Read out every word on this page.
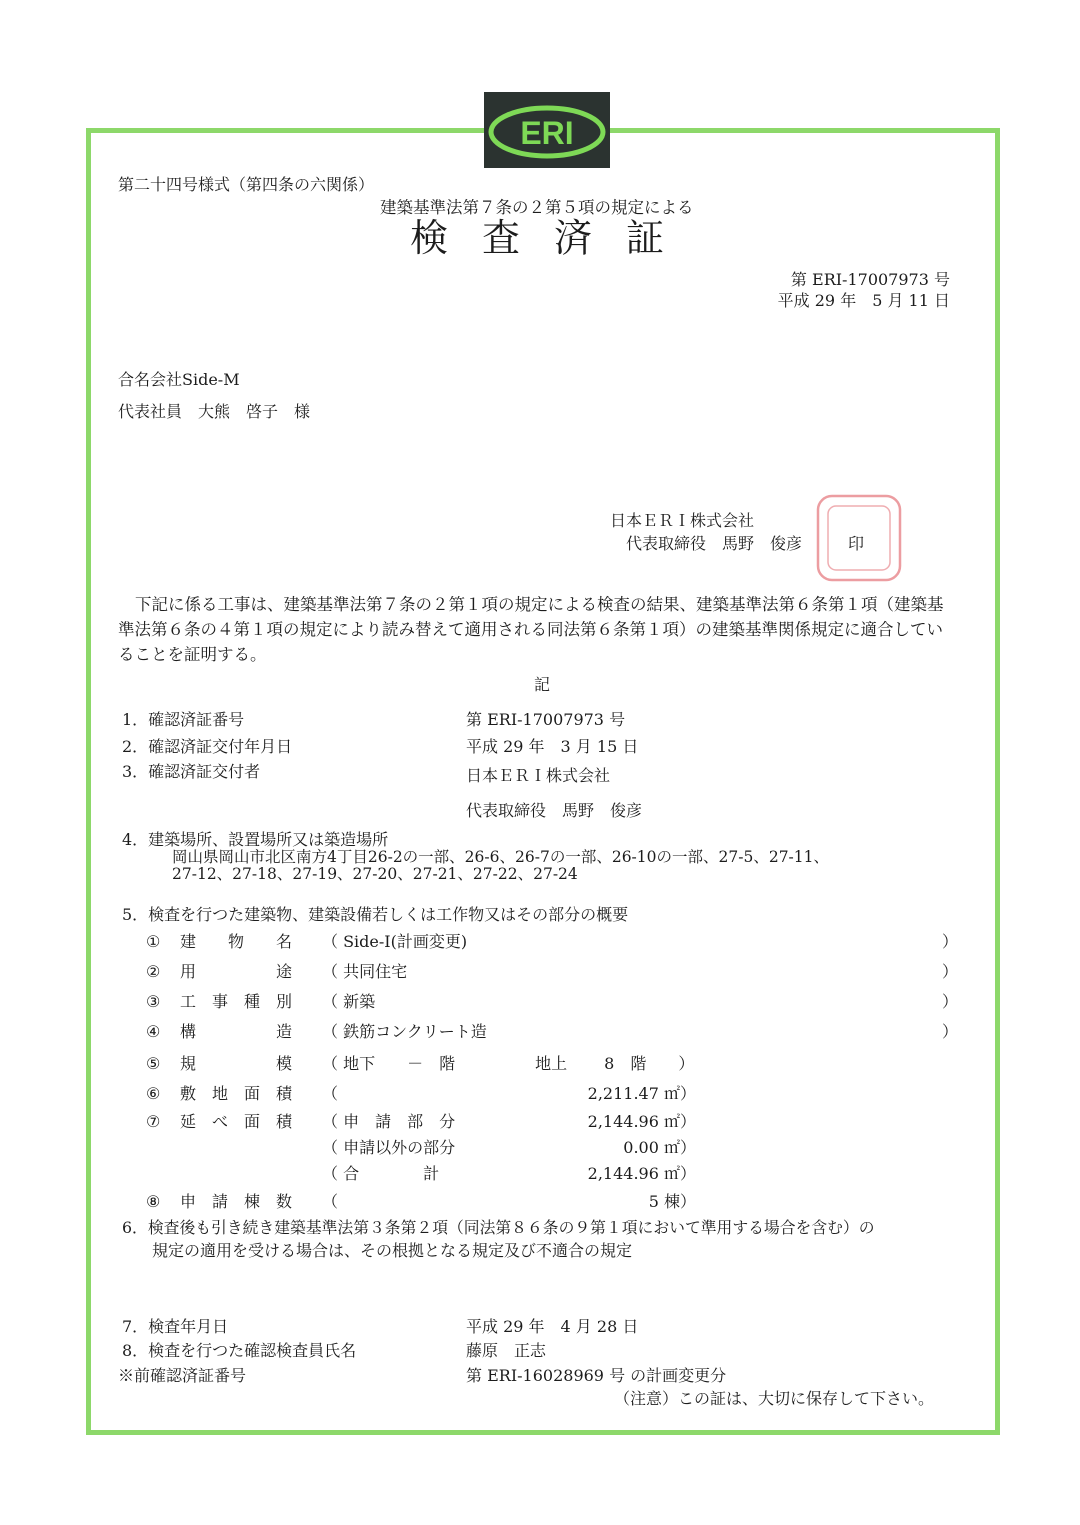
ERI
第二十四号様式（第四条の六関係）
建築基準法第７条の２第５項の規定による
検査済証
第 ERI-17007973 号
平成 29 年　5 月 11 日
合名会社Side-M
代表社員　大熊　啓子　様
日本ＥＲＩ株式会社
代表取締役　馬野　俊彦	印
下記に係る工事は、建築基準法第７条の２第１項の規定による検査の結果、建築基準法第６条第１項（建築基準法第６条の４第１項の規定により読み替えて適用される同法第６条第１項）の建築基準関係規定に適合していることを証明する。
記
1．確認済証番号	第 ERI-17007973 号
2．確認済証交付年月日	平成 29 年　3 月 15 日
3．確認済証交付者	日本ＥＲＩ株式会社
代表取締役　馬野　俊彦
4．建築場所、設置場所又は築造場所
岡山県岡山市北区南方4丁目26-2の一部、26-6、26-7の一部、26-10の一部、27-5、27-11、
27-12、27-18、27-19、27-20、27-21、27-22、27-24
5．検査を行つた建築物、建築設備若しくは工作物又はその部分の概要
① 建　　物　　名 （ Side-I(計画変更)	）
② 用　　　　　途 （ 共同住宅	）
③ 工　事　種　別 （ 新築	）
④ 構　　　　　造 （ 鉄筋コンクリート造	）
⑤ 規　　　　　模 （ 地下　　－　階　　　　　地上　　 8　階　　）
⑥ 敷　地　面　積 （	2,211.47 ㎡）
⑦ 延　べ　面　積 （ 申　請　部　分	2,144.96 ㎡）
（ 申請以外の部分	0.00 ㎡）
（ 合　　　　計	2,144.96 ㎡）
⑧ 申　請　棟　数 （	5 棟）
6．検査後も引き続き建築基準法第３条第２項（同法第８６条の９第１項において準用する場合を含む）の
規定の適用を受ける場合は、その根拠となる規定及び不適合の規定
7．検査年月日	平成 29 年　4 月 28 日
8．検査を行つた確認検査員氏名	藤原　正志
※前確認済証番号	第 ERI-16028969 号 の計画変更分
（注意）この証は、大切に保存して下さい。
